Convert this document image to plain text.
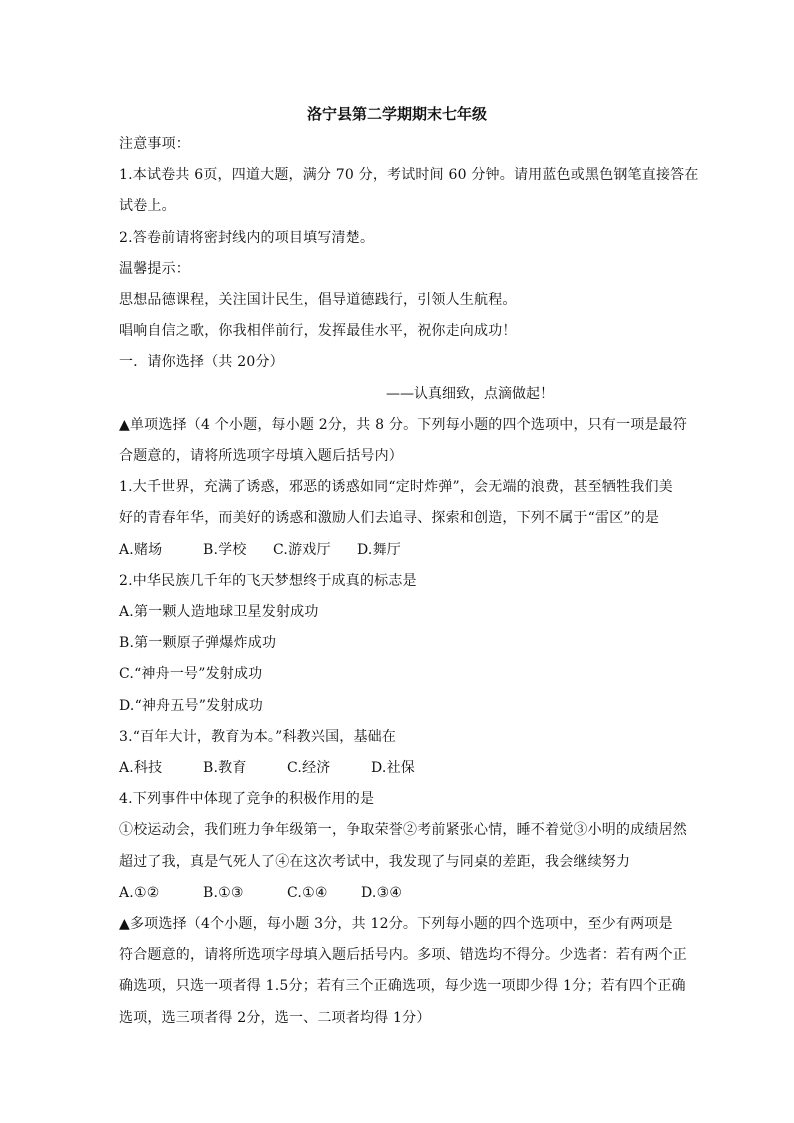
洛宁县第二学期期末七年级
注意事项：
1.本试卷共 6页，四道大题，满分 70 分，考试时间 60 分钟。请用蓝色或黑色钢笔直接答在
试卷上。
2.答卷前请将密封线内的项目填写清楚。
温馨提示：
思想品德课程，关注国计民生，倡导道德践行，引领人生航程。
唱响自信之歌，你我相伴前行，发挥最佳水平，祝你走向成功！
一．请你选择（共 20分）
——认真细致，点滴做起！
▲单项选择（4 个小题，每小题 2分，共 8 分。下列每小题的四个选项中，只有一项是最符
合题意的，请将所选项字母填入题后括号内）
1.大千世界，充满了诱惑，邪恶的诱惑如同“定时炸弹”，会无端的浪费，甚至牺牲我们美
好的青春年华，而美好的诱惑和激励人们去追寻、探索和创造，下列不属于“雷区”的是
A.赌场	B.学校 C.游戏厅 D.舞厅
2.中华民族几千年的飞天梦想终于成真的标志是
A.第一颗人造地球卫星发射成功
B.第一颗原子弹爆炸成功
C.“神舟一号”发射成功
D.“神舟五号”发射成功
3.“百年大计，教育为本。”科教兴国，基础在
A.科技	B.教育	C.经济	D.社保
4.下列事件中体现了竞争的积极作用的是
①校运动会，我们班力争年级第一，争取荣誉②考前紧张心情，睡不着觉③小明的成绩居然
超过了我，真是气死人了④在这次考试中，我发现了与同桌的差距，我会继续努力
A.①②	B.①③	C.①④ D.③④
▲多项选择（4个小题，每小题 3分，共 12分。下列每小题的四个选项中，至少有两项是
符合题意的，请将所选项字母填入题后括号内。多项、错选均不得分。少选者：若有两个正
确选项，只选一项者得 1.5分；若有三个正确选项，每少选一项即少得 1分；若有四个正确
选项，选三项者得 2分，选一、二项者均得 1分）
